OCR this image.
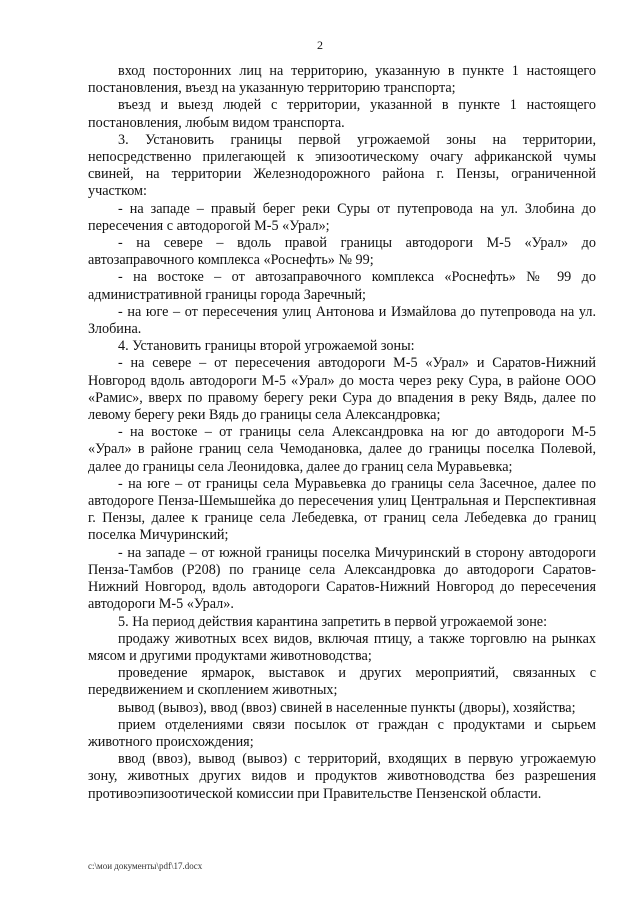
2

вход посторонних лиц на территорию, указанную в пункте 1 настоящего постановления, въезд на указанную территорию транспорта;

въезд и выезд людей с территории, указанной в пункте 1 настоящего постановления, любым видом транспорта.

3. Установить границы первой угрожаемой зоны на территории, непосредственно прилегающей к эпизоотическому очагу африканской чумы свиней, на территории Железнодорожного района г. Пензы, ограниченной участком:

- на западе – правый берег реки Суры от путепровода на ул. Злобина до пересечения с автодорогой М-5 «Урал»;

- на севере – вдоль правой границы автодороги М-5 «Урал» до автозаправочного комплекса «Роснефть» № 99;

- на востоке – от автозаправочного комплекса «Роснефть» № 99 до административной границы города Заречный;

- на юге – от пересечения улиц Антонова и Измайлова до путепровода на ул. Злобина.

4. Установить границы второй угрожаемой зоны:

- на севере – от пересечения автодороги М-5 «Урал» и Саратов-Нижний Новгород вдоль автодороги М-5 «Урал» до моста через реку Сура, в районе ООО «Рамис», вверх по правому берегу реки Сура до впадения в реку Вядь, далее по левому берегу реки Вядь до границы села Александровка;

- на востоке – от границы села Александровка на юг до автодороги М-5 «Урал» в районе границ села Чемодановка, далее до границы поселка Полевой, далее до границы села Леонидовка, далее до границ села Муравьевка;

- на юге – от границы села Муравьевка до границы села Засечное, далее по автодороге Пенза-Шемышейка до пересечения улиц Центральная и Перспективная г. Пензы, далее к границе села Лебедевка, от границ села Лебедевка до границ поселка Мичуринский;

- на западе – от южной границы поселка Мичуринский в сторону автодороги Пенза-Тамбов (Р208) по границе села Александровка до автодороги Саратов-Нижний Новгород, вдоль автодороги Саратов-Нижний Новгород до пересечения автодороги М-5 «Урал».

5. На период действия карантина запретить в первой угрожаемой зоне:

продажу животных всех видов, включая птицу, а также торговлю на рынках мясом и другими продуктами животноводства;

проведение ярмарок, выставок и других мероприятий, связанных с передвижением и скоплением животных;

вывод (вывоз), ввод (ввоз) свиней в населенные пункты (дворы), хозяйства;

прием отделениями связи посылок от граждан с продуктами и сырьем животного происхождения;

ввод (ввоз), вывод (вывоз) с территорий, входящих в первую угрожаемую зону, животных других видов и продуктов животноводства без разрешения противоэпизоотической комиссии при Правительстве Пензенской области.

c:\мои документы\pdf\17.docx
